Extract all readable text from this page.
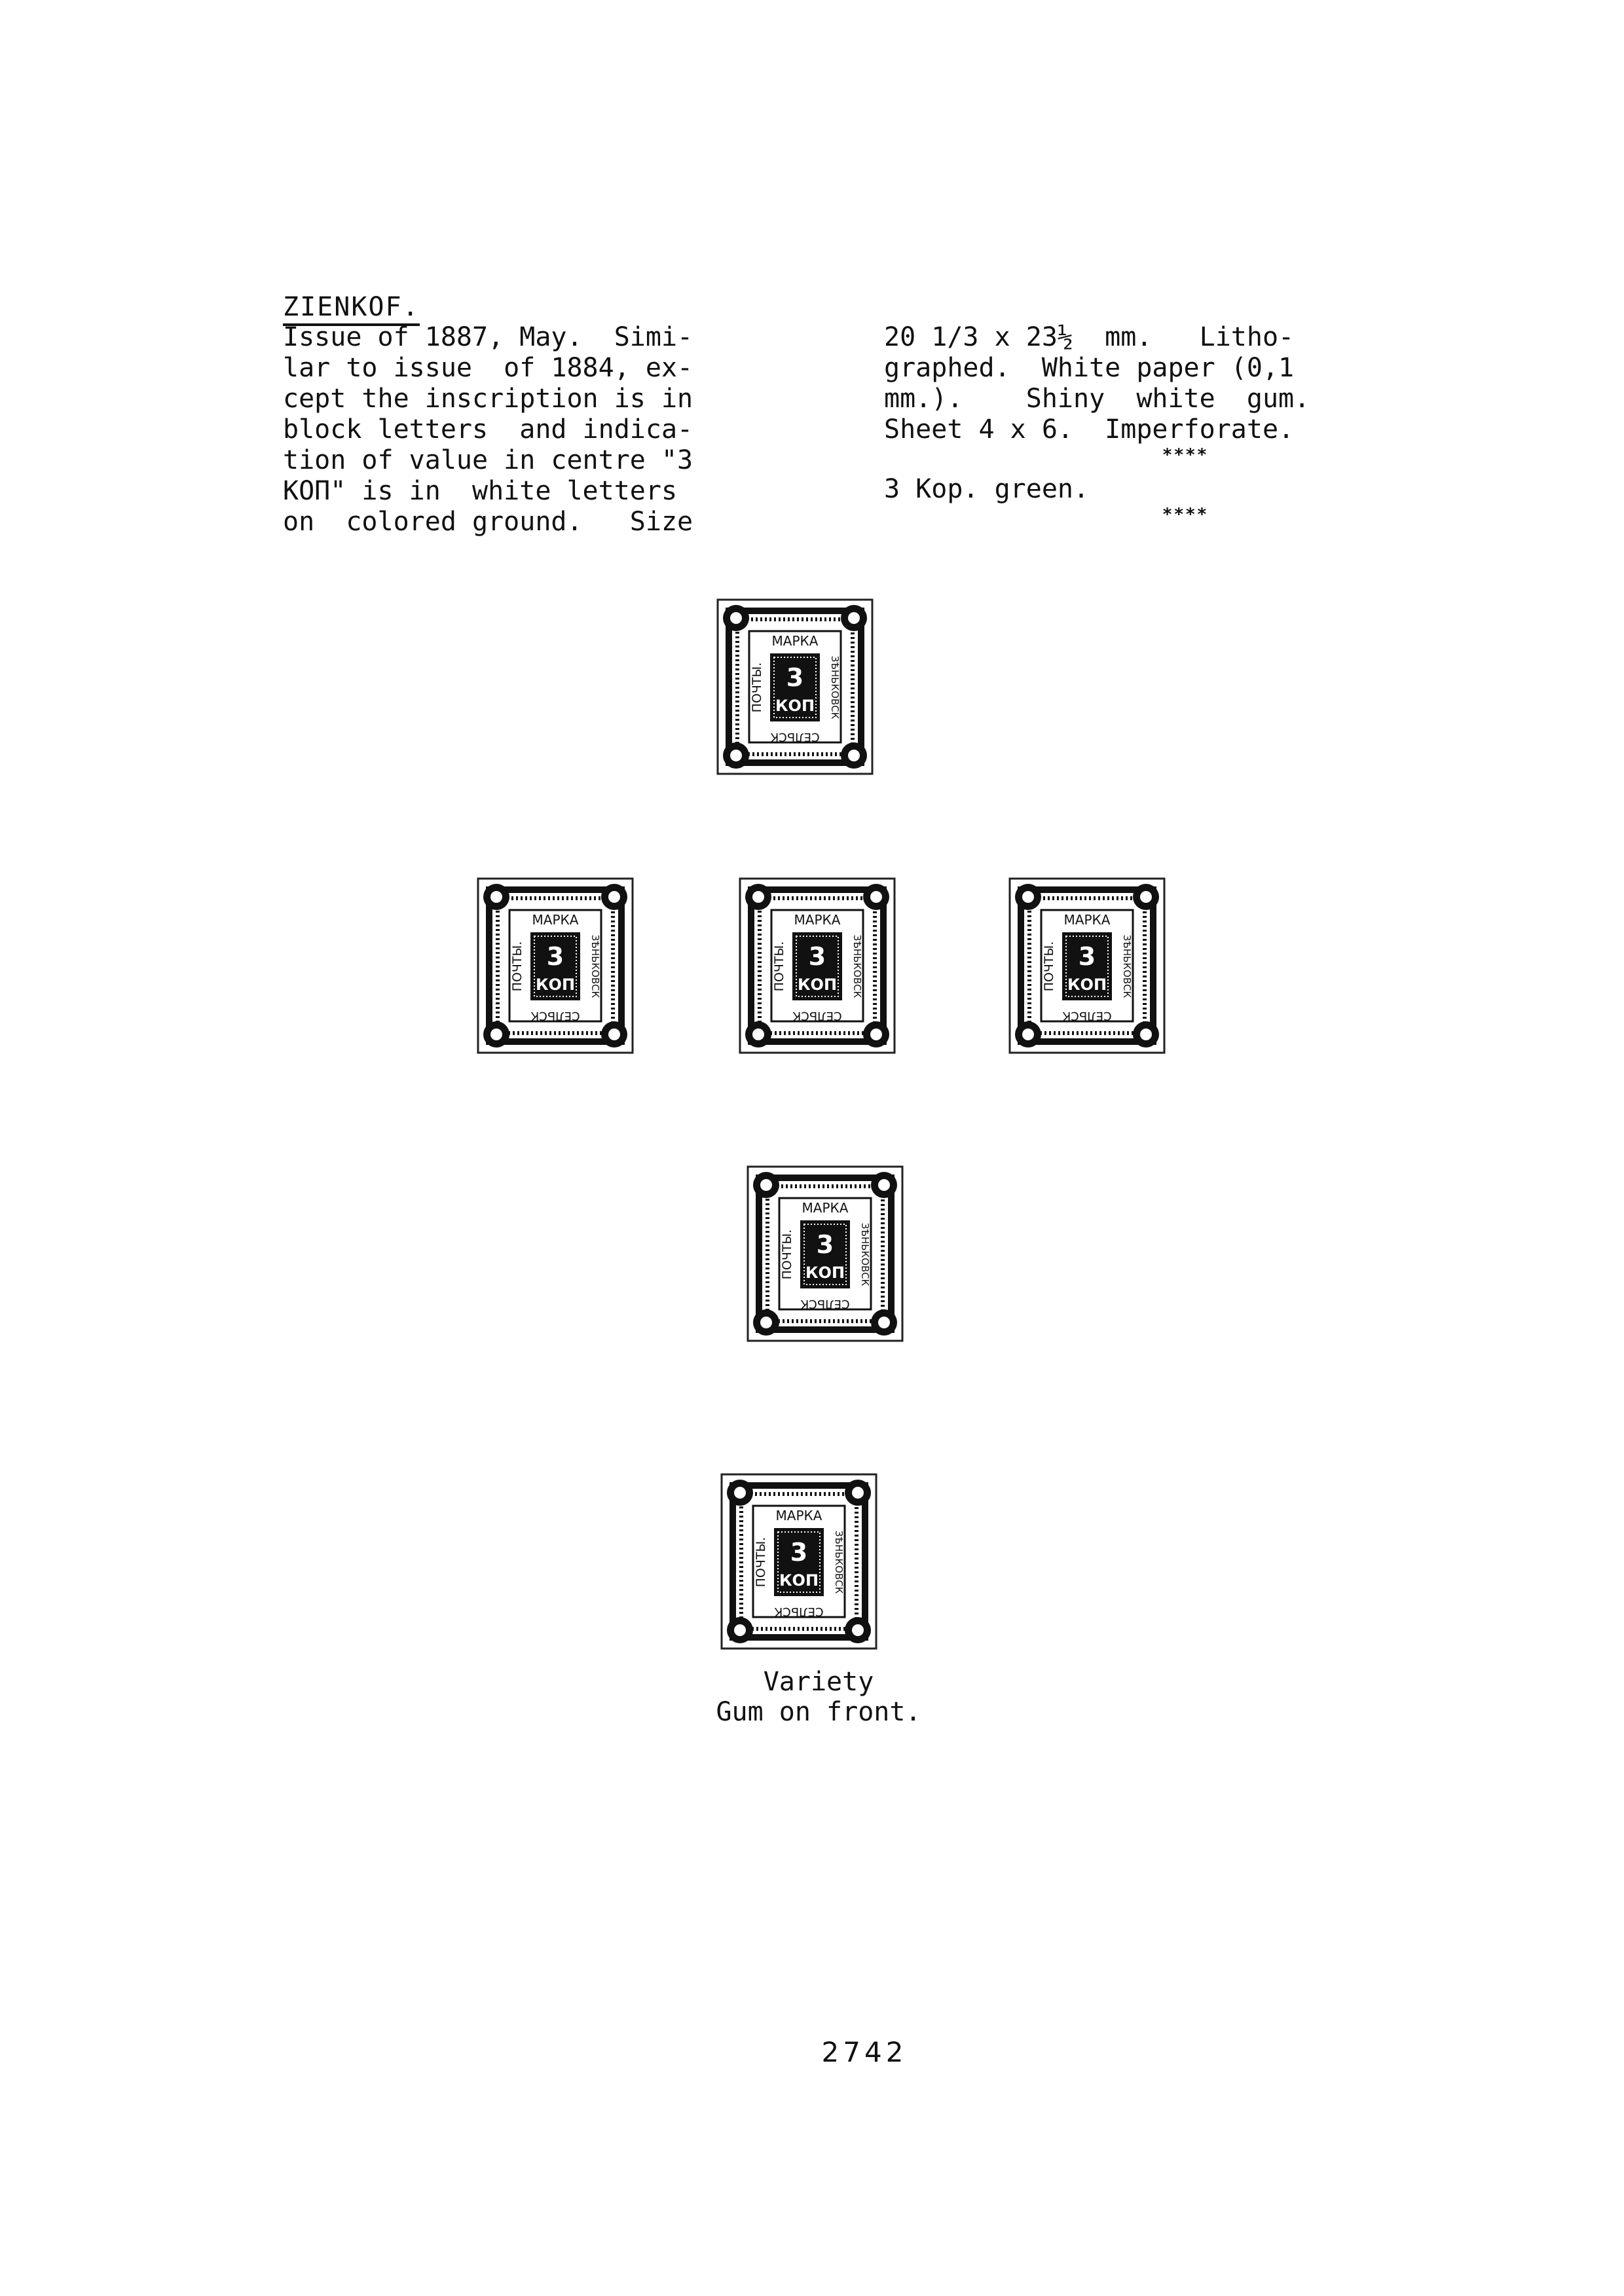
ZIENKOF.
Issue of 1887, May.  Simi-
lar to issue  of 1884, ex-
cept the inscription is in
block letters  and indica-
tion of value in centre "3
KOП" is in  white letters
on  colored ground.   Size
20 1/3 x 23½  mm.   Litho-
graphed.  White paper (0,1
mm.).    Shiny  white  gum.
Sheet 4 x 6.  Imperforate.
****
3 Kop. green.
****
МАРКА
ПОЧТЫ.	ЗѢНЬКОВСК
СЕЛЬСК
3
КОП
МАРКА
ПОЧТЫ.	ЗѢНЬКОВСК
СЕЛЬСК
3
КОП
МАРКА
ПОЧТЫ.	ЗѢНЬКОВСК
СЕЛЬСК
3
КОП
МАРКА
ПОЧТЫ.	ЗѢНЬКОВСК
СЕЛЬСК
3
КОП
МАРКА
ПОЧТЫ.	ЗѢНЬКОВСК
СЕЛЬСК
3
КОП
МАРКА
ПОЧТЫ.	ЗѢНЬКОВСК
СЕЛЬСК
3
КОП
Variety
Gum on front.
2742
